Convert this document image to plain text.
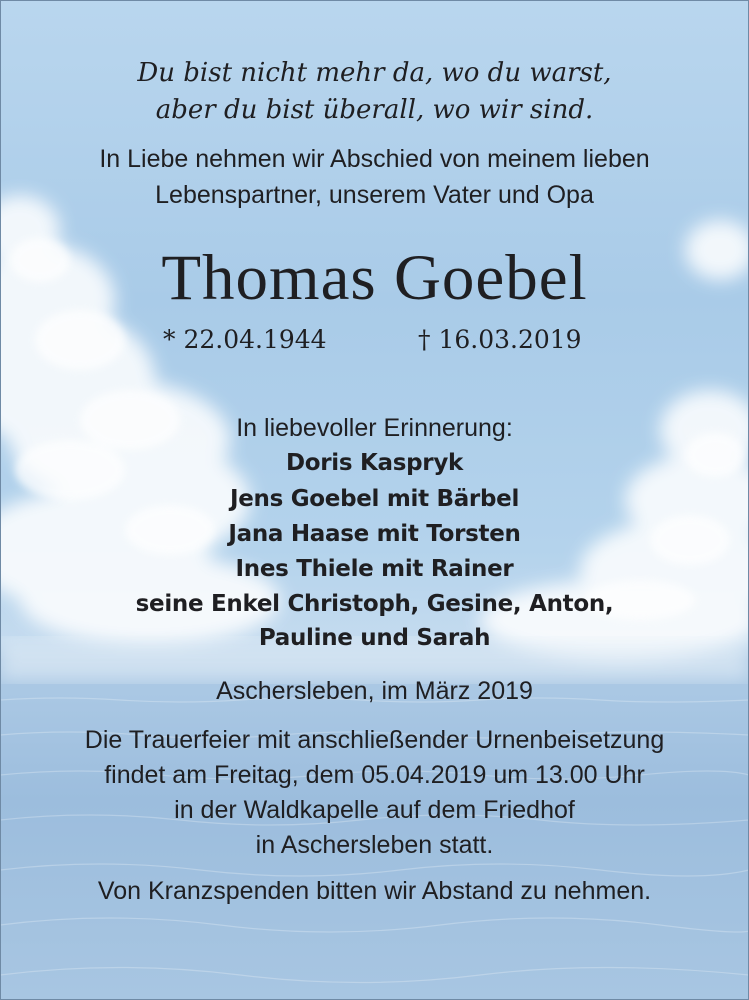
Du bist nicht mehr da, wo du warst,
aber du bist überall, wo wir sind.
In Liebe nehmen wir Abschied von meinem lieben
Lebenspartner, unserem Vater und Opa
Thomas Goebel
* 22.04.1944	† 16.03.2019
In liebevoller Erinnerung:
Doris Kaspryk
Jens Goebel mit Bärbel
Jana Haase mit Torsten
Ines Thiele mit Rainer
seine Enkel Christoph, Gesine, Anton,
Pauline und Sarah
Aschersleben, im März 2019
Die Trauerfeier mit anschließender Urnenbeisetzung
findet am Freitag, dem 05.04.2019 um 13.00 Uhr
in der Waldkapelle auf dem Friedhof
in Aschersleben statt.
Von Kranzspenden bitten wir Abstand zu nehmen.
